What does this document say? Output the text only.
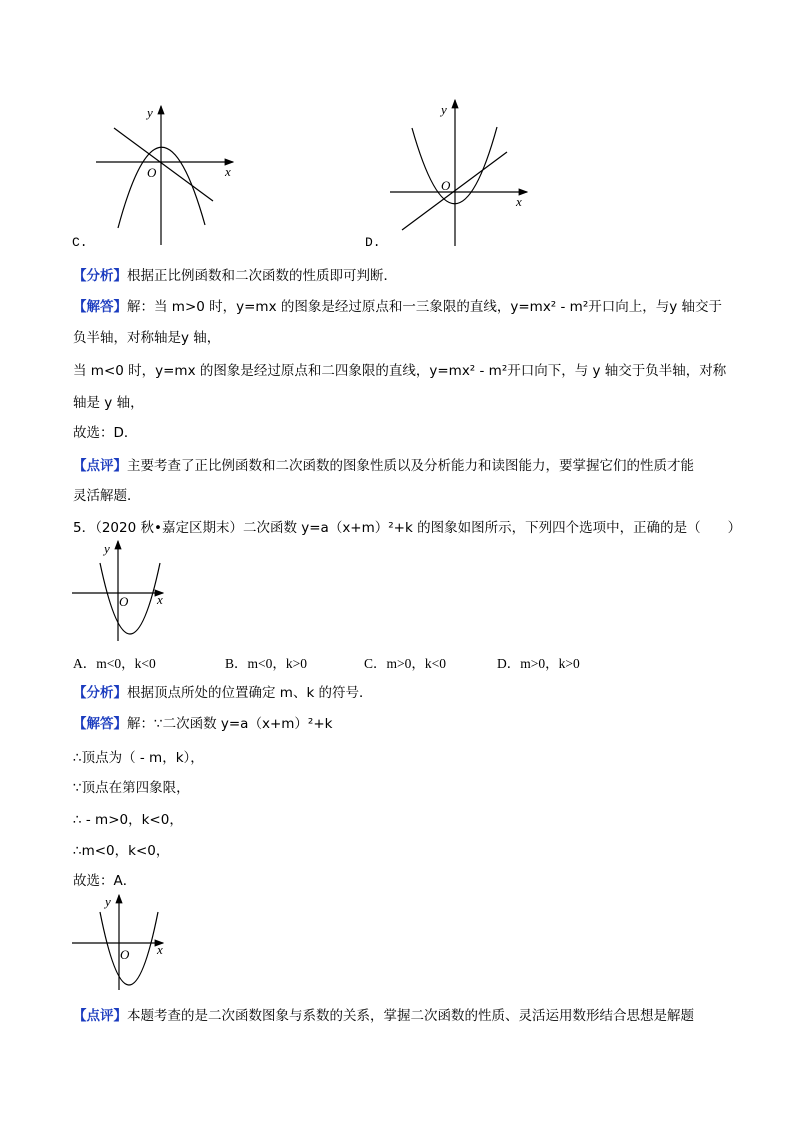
y
x
O
C.
y
x
O
D.
y
x
O
y
x
O
【分析】根据正比例函数和二次函数的性质即可判断．
【解答】解：当 m>0 时，y=mx 的图象是经过原点和一三象限的直线，y=mx² - m²开口向上，与y 轴交于
负半轴，对称轴是y 轴，
当 m<0 时，y=mx 的图象是经过原点和二四象限的直线，y=mx² - m²开口向下，与 y 轴交于负半轴，对称
轴是 y 轴，
故选：D．
【点评】主要考查了正比例函数和二次函数的图象性质以及分析能力和读图能力，要掌握它们的性质才能
灵活解题．
5．（2020 秋•嘉定区期末）二次函数 y=a（x+m）²+k 的图象如图所示，下列四个选项中，正确的是（　　）
A．m<0，k<0	B．m<0，k>0	C．m>0，k<0	D．m>0，k>0
【分析】根据顶点所处的位置确定 m、k 的符号．
【解答】解：∵二次函数 y=a（x+m）²+k
∴顶点为（ - m，k），
∵顶点在第四象限，
∴ - m>0，k<0，
∴m<0，k<0，
故选：A．
【点评】本题考查的是二次函数图象与系数的关系，掌握二次函数的性质、灵活运用数形结合思想是解题
